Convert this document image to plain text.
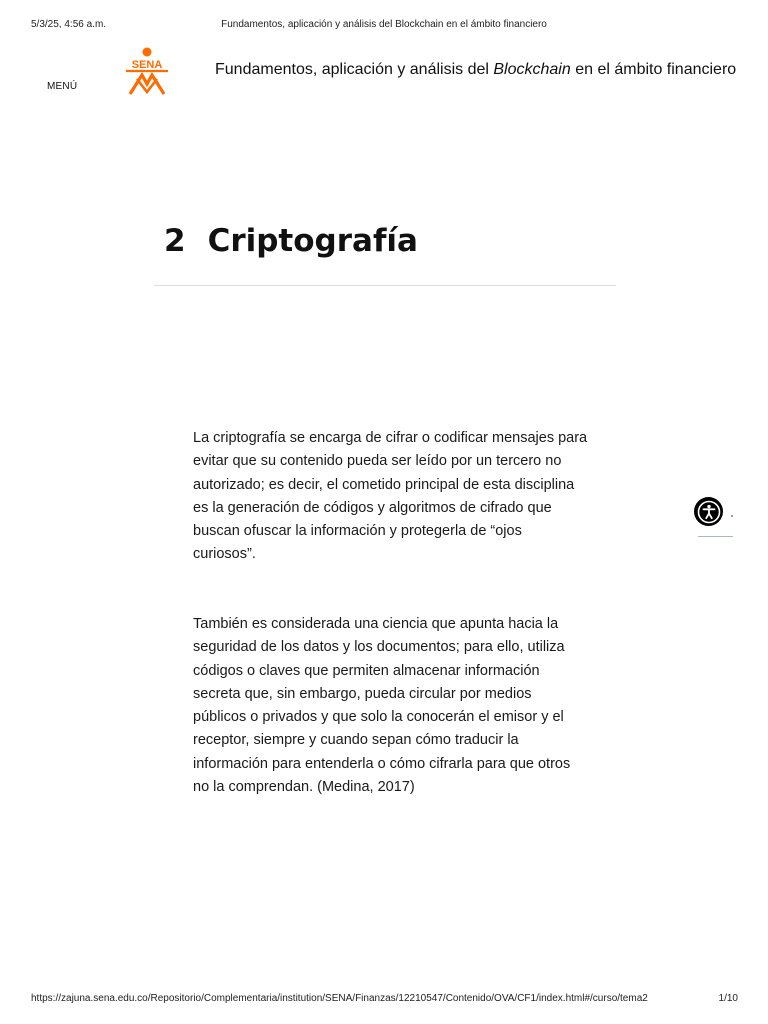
5/3/25, 4:56 a.m.	Fundamentos, aplicación y análisis del Blockchain en el ámbito financiero
MENÚ
SENA	Fundamentos, aplicación y análisis del Blockchain en el ámbito financiero
2 Criptografía

La criptografía se encarga de cifrar o codificar mensajes para evitar que su contenido pueda ser leído por un tercero no autorizado; es decir, el cometido principal de esta disciplina es la generación de códigos y algoritmos de cifrado que buscan ofuscar la información y protegerla de “ojos curiosos”.

También es considerada una ciencia que apunta hacia la seguridad de los datos y los documentos; para ello, utiliza códigos o claves que permiten almacenar información secreta que, sin embargo, pueda circular por medios públicos o privados y que solo la conocerán el emisor y el receptor, siempre y cuando sepan cómo traducir la información para entenderla o cómo cifrarla para que otros no la comprendan. (Medina, 2017)

https://zajuna.sena.edu.co/Repositorio/Complementaria/institution/SENA/Finanzas/12210547/Contenido/OVA/CF1/index.html#/curso/tema2	1/10
